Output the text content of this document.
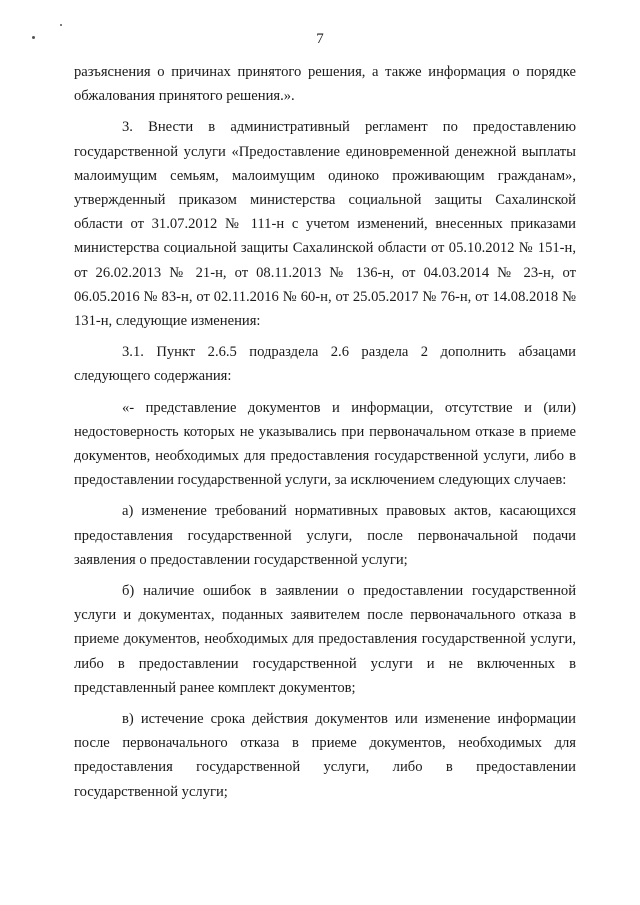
7

разъяснения о причинах принятого решения, а также информация о порядке обжалования принятого решения.».

3. Внести в административный регламент по предоставлению государственной услуги «Предоставление единовременной денежной выплаты малоимущим семьям, малоимущим одиноко проживающим гражданам», утвержденный приказом министерства социальной защиты Сахалинской области от 31.07.2012 № 111-н с учетом изменений, внесенных приказами министерства социальной защиты Сахалинской области от 05.10.2012 № 151-н, от 26.02.2013 № 21-н, от 08.11.2013 № 136-н, от 04.03.2014 № 23-н, от 06.05.2016 № 83-н, от 02.11.2016 № 60-н, от 25.05.2017 № 76-н, от 14.08.2018 № 131-н, следующие изменения:

3.1. Пункт 2.6.5 подраздела 2.6 раздела 2 дополнить абзацами следующего содержания:

«- представление документов и информации, отсутствие и (или) недостоверность которых не указывались при первоначальном отказе в приеме документов, необходимых для предоставления государственной услуги, либо в предоставлении государственной услуги, за исключением следующих случаев:

а) изменение требований нормативных правовых актов, касающихся предоставления государственной услуги, после первоначальной подачи заявления о предоставлении государственной услуги;

б) наличие ошибок в заявлении о предоставлении государственной услуги и документах, поданных заявителем после первоначального отказа в приеме документов, необходимых для предоставления государственной услуги, либо в предоставлении государственной услуги и не включенных в представленный ранее комплект документов;

в) истечение срока действия документов или изменение информации после первоначального отказа в приеме документов, необходимых для предоставления государственной услуги, либо в предоставлении государственной услуги;
